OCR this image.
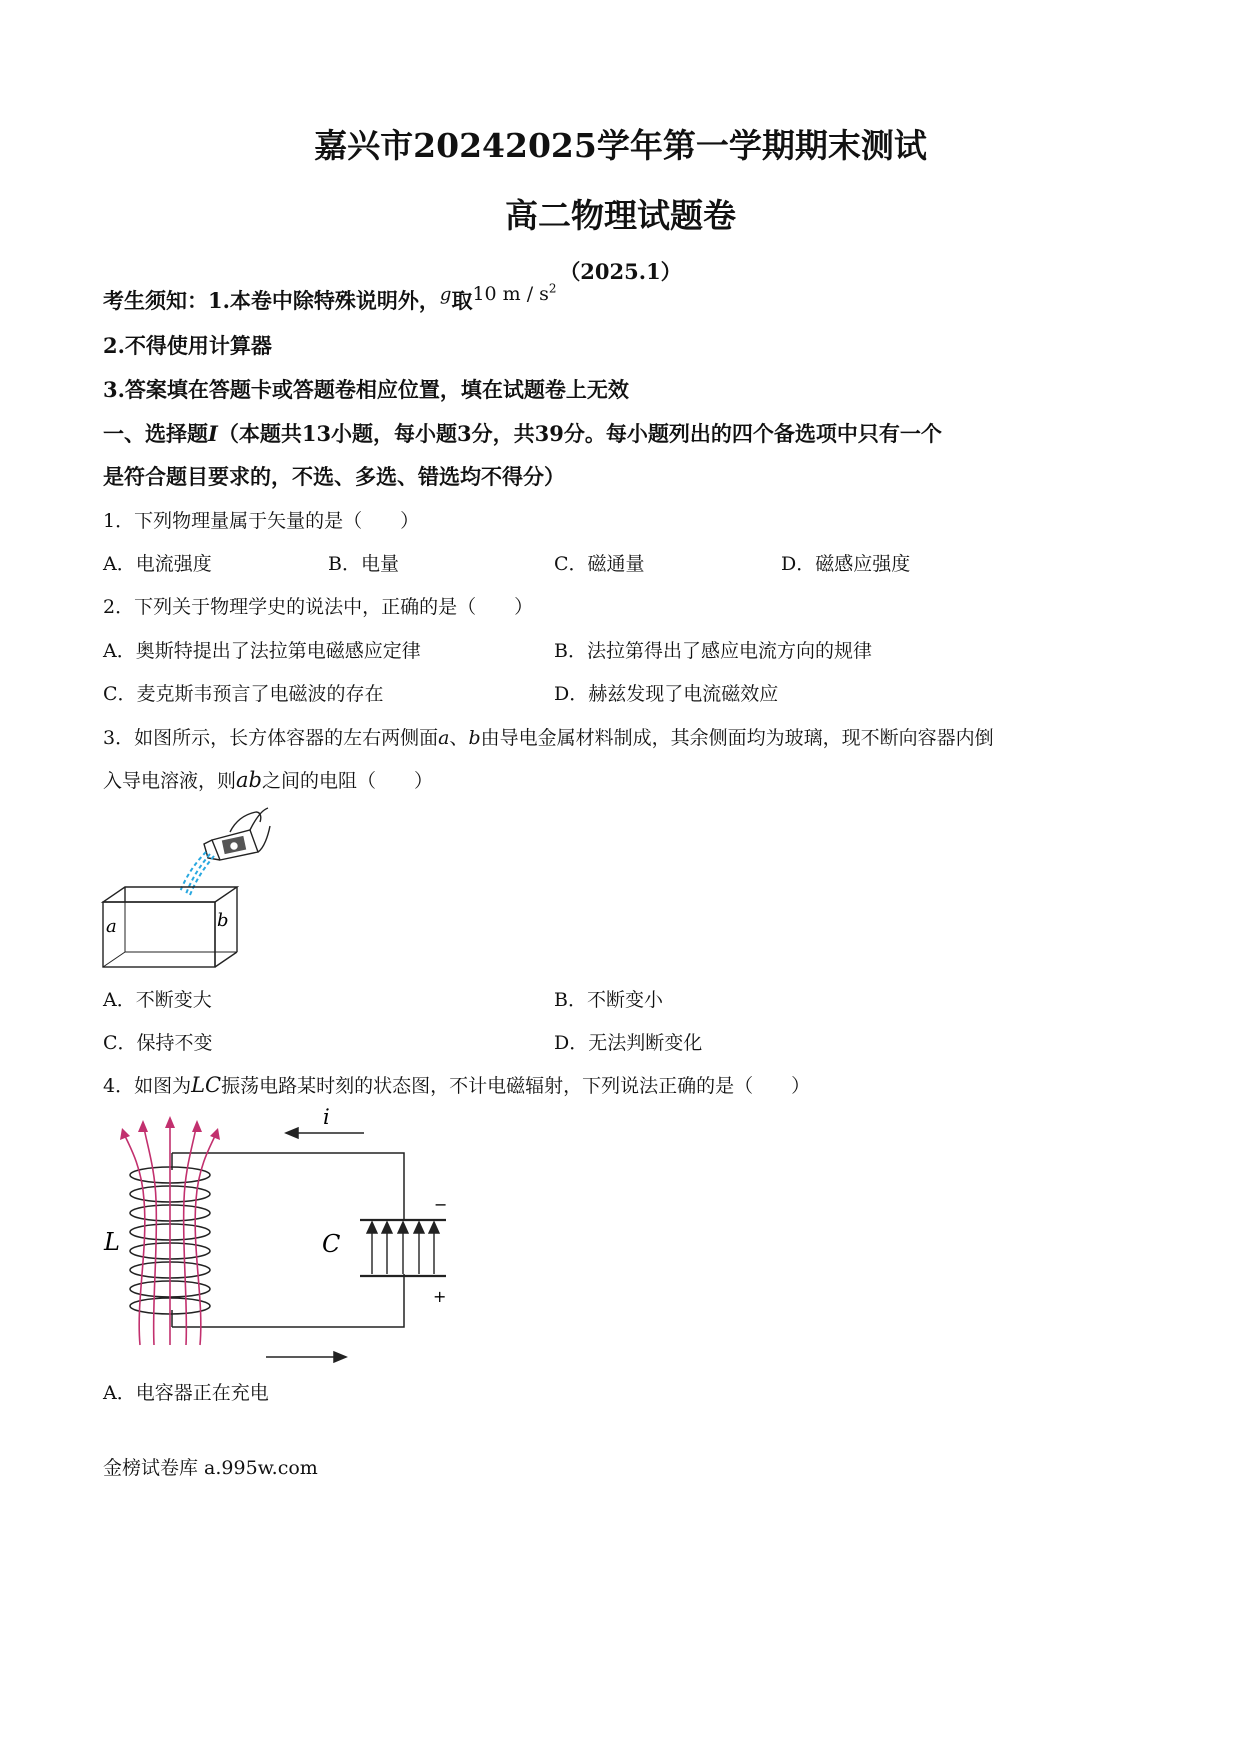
嘉兴市20242025学年第一学期期末测试
高二物理试题卷
（2025.1）
考生须知：1.本卷中除特殊说明外，g取10 m / $s^2$
2.不得使用计算器
3.答案填在答题卡或答题卷相应位置，填在试题卷上无效
一、选择题I（本题共13小题，每小题3分，共39分。每小题列出的四个备选项中只有一个
是符合题目要求的，不选、多选、错选均不得分）
1．下列物理量属于矢量的是（　　）
A．电流强度	B．电量	C．磁通量	D．磁感应强度
2．下列关于物理学史的说法中，正确的是（　　）
A．奥斯特提出了法拉第电磁感应定律	B．法拉第得出了感应电流方向的规律
C．麦克斯韦预言了电磁波的存在	D．赫兹发现了电流磁效应
3．如图所示，长方体容器的左右两侧面a、b由导电金属材料制成，其余侧面均为玻璃，现不断向容器内倒
入导电溶液，则ab之间的电阻（　　）
a	b
A．不断变大	B．不断变小
C．保持不变	D．无法判断变化
4．如图为LC振荡电路某时刻的状态图，不计电磁辐射，下列说法正确的是（　　）
i
L	C
−
+
A．电容器正在充电
金榜试卷库 a.995w.com
